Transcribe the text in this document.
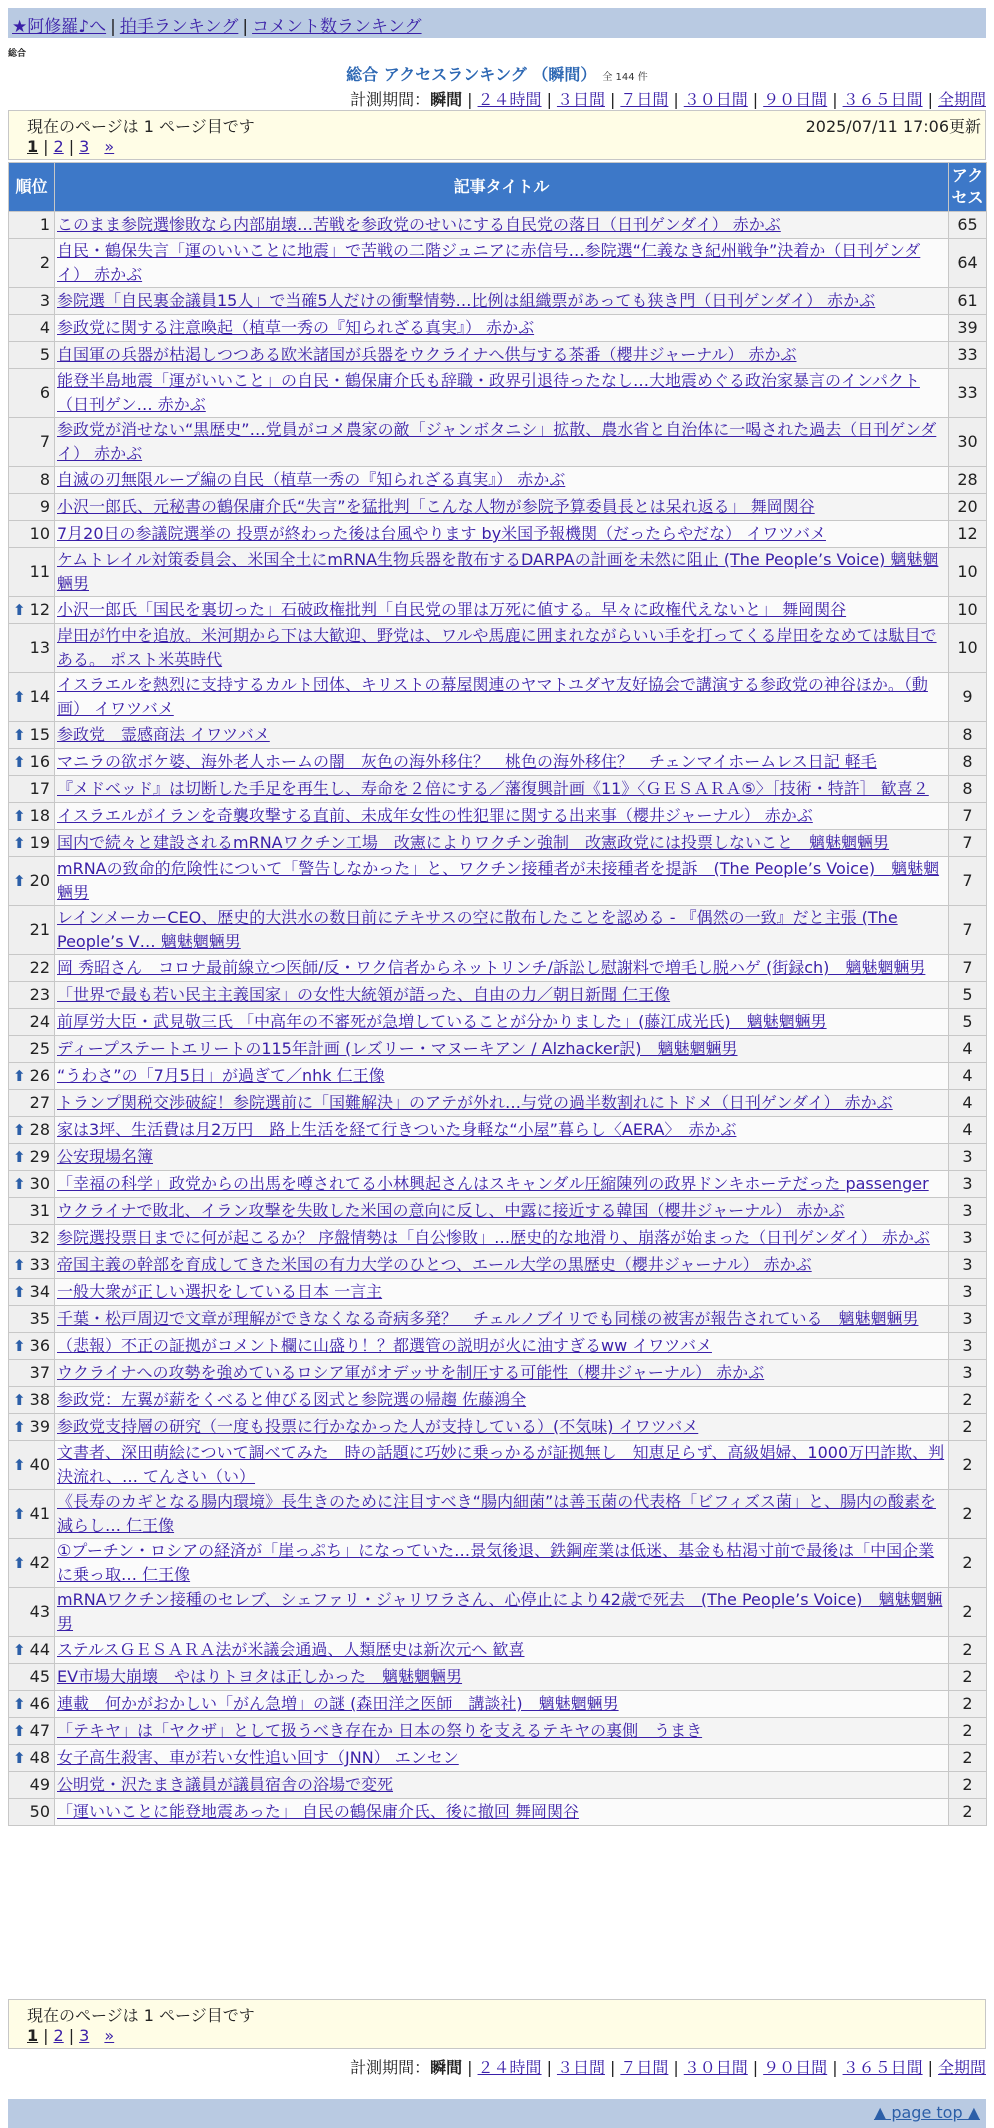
★阿修羅♪へ | 拍手ランキング | コメント数ランキング
総合
総合 アクセスランキング （瞬間） 全 144 件
計測期間：瞬間 | ２４時間 | ３日間 | ７日間 | ３０日間 | ９０日間 | ３６５日間 | 全期間
現在のページは 1 ページ目です	2025/07/11 17:06更新
1 | 2 | 3 »
順位	記事タイトル	アクセス
1	このまま参院選惨敗なら内部崩壊…苦戦を参政党のせいにする自民党の落日（日刊ゲンダイ） 赤かぶ	65
2	自民・鶴保失言「運のいいことに地震」で苦戦の二階ジュニアに赤信号…参院選“仁義なき紀州戦争”決着か（日刊ゲンダイ） 赤かぶ	64
3	参院選「自民裏金議員15人」で当確5人だけの衝撃情勢…比例は組織票があっても狭き門（日刊ゲンダイ） 赤かぶ	61
4	参政党に関する注意喚起（植草一秀の『知られざる真実』） 赤かぶ	39
5	自国軍の兵器が枯渇しつつある欧米諸国が兵器をウクライナへ供与する茶番（櫻井ジャーナル） 赤かぶ	33
6	能登半島地震「運がいいこと」の自民・鶴保庸介氏も辞職・政界引退待ったなし…大地震めぐる政治家暴言のインパクト（日刊ゲン… 赤かぶ	33
7	参政党が消せない“黒歴史”…党員がコメ農家の敵「ジャンボタニシ」拡散、農水省と自治体に一喝された過去（日刊ゲンダイ） 赤かぶ	30
8	自滅の刃無限ループ編の自民（植草一秀の『知られざる真実』） 赤かぶ	28
9	小沢一郎氏、元秘書の鶴保庸介氏“失言”を猛批判「こんな人物が参院予算委員長とは呆れ返る」 舞岡関谷	20
10	7月20日の参議院選挙の 投票が終わった後は台風やります by米国予報機関（だったらやだな） イワツバメ	12
11	ケムトレイル対策委員会、米国全土にmRNA生物兵器を散布するDARPAの計画を未然に阻止 (The People’s Voice) 魑魅魍魎男	10

⬆ 12	小沢一郎氏「国民を裏切った」石破政権批判「自民党の罪は万死に値する。早々に政権代えないと」 舞岡関谷	10
13	岸田が竹中を追放。米河期から下は大歓迎、野党は、ワルや馬鹿に囲まれながらいい手を打ってくる岸田をなめては駄目である。 ポスト米英時代	10

⬆ 14	イスラエルを熱烈に支持するカルト団体、キリストの幕屋関連のヤマトユダヤ友好協会で講演する参政党の神谷ほか。（動画） イワツバメ	9

⬆ 15	参政党　霊感商法 イワツバメ	8

⬆ 16	マニラの欲ボケ婆、海外老人ホームの闇　灰色の海外移住？　桃色の海外移住？　チェンマイホームレス日記 軽毛	8
17	『メドベッド』は切断した手足を再生し、寿命を２倍にする／藩復興計画《11》〈ＧＥＳＡＲＡ⑤〉［技術・特許］ 歓喜２	8

⬆ 18	イスラエルがイランを奇襲攻撃する直前、未成年女性の性犯罪に関する出来事（櫻井ジャーナル） 赤かぶ	7

⬆ 19	国内で続々と建設されるmRNAワクチン工場　改憲によりワクチン強制　改憲政党には投票しないこと　魑魅魍魎男	7

⬆ 20	mRNAの致命的危険性について「警告しなかった」と、ワクチン接種者が未接種者を提訴　(The People’s Voice)　魑魅魍魎男	7
21	レインメーカーCEO、歴史的大洪水の数日前にテキサスの空に散布したことを認める - 『偶然の一致』だと主張 (The People’s V… 魑魅魍魎男	7
22	岡 秀昭さん　コロナ最前線立つ医師/反・ワク信者からネットリンチ/訴訟し慰謝料で増毛し脱ハゲ (街録ch)　魑魅魍魎男	7
23	「世界で最も若い民主主義国家」の女性大統領が語った、自由の力／朝日新聞 仁王像	5
24	前厚労大臣・武見敬三氏 「中高年の不審死が急増していることが分かりました」(藤江成光氏)　魑魅魍魎男	5
25	ディープステートエリートの115年計画 (レズリー・マヌーキアン / Alzhacker訳)　魑魅魍魎男	4

⬆ 26	“うわさ”の「7月5日」が過ぎて／nhk 仁王像	4
27	トランプ関税交渉破綻！参院選前に「国難解決」のアテが外れ…与党の過半数割れにトドメ（日刊ゲンダイ） 赤かぶ	4

⬆ 28	家は3坪、生活費は月2万円　路上生活を経て行きついた身軽な“小屋”暮らし〈AERA〉　赤かぶ	4

⬆ 29	公安現場名簿	3

⬆ 30	「幸福の科学」政党からの出馬を噂されてる小林興起さんはスキャンダル圧縮陳列の政界ドンキホーテだった passenger	3
31	ウクライナで敗北、イラン攻撃を失敗した米国の意向に反し、中露に接近する韓国（櫻井ジャーナル） 赤かぶ	3
32	参院選投票日までに何が起こるか？ 序盤情勢は「自公惨敗」…歴史的な地滑り、崩落が始まった（日刊ゲンダイ） 赤かぶ	3

⬆ 33	帝国主義の幹部を育成してきた米国の有力大学のひとつ、エール大学の黒歴史（櫻井ジャーナル） 赤かぶ	3

⬆ 34	一般大衆が正しい選択をしている日本 一言主	3
35	千葉・松戸周辺で文章が理解ができなくなる奇病多発？　チェルノブイリでも同様の被害が報告されている　魑魅魍魎男	3

⬆ 36	（悲報）不正の証拠がコメント欄に山盛り！？都選管の説明が火に油すぎるww イワツバメ	3
37	ウクライナへの攻勢を強めているロシア軍がオデッサを制圧する可能性（櫻井ジャーナル） 赤かぶ	3

⬆ 38	参政党：左翼が薪をくべると伸びる図式と参院選の帰趨 佐藤鴻全	2

⬆ 39	参政党支持層の研究（一度も投票に行かなかった人が支持している）(不気味) イワツバメ	2

⬆ 40	文書者、深田萌絵について調べてみた　時の話題に巧妙に乗っかるが証拠無し　知恵足らず、高級娼婦、1000万円詐欺、判決流れ、… てんさい（い）	2

⬆ 41	《長寿のカギとなる腸内環境》長生きのために注目すべき“腸内細菌”は善玉菌の代表格「ビフィズス菌」と、腸内の酸素を減らし… 仁王像	2

⬆ 42	①プーチン・ロシアの経済が「崖っぷち」になっていた…景気後退、鉄鋼産業は低迷、基金も枯渇寸前で最後は「中国企業に乗っ取… 仁王像	2
43	mRNAワクチン接種のセレブ、シェファリ・ジャリワラさん、心停止により42歳で死去　(The People’s Voice)　魑魅魍魎男	2

⬆ 44	ステルスＧＥＳＡＲＡ法が米議会通過、人類歴史は新次元へ 歓喜	2
45	EV市場大崩壊　やはりトヨタは正しかった　魑魅魍魎男	2

⬆ 46	連載　何かがおかしい「がん急増」の謎 (森田洋之医師　講談社)　魑魅魍魎男	2

⬆ 47	「テキヤ」は「ヤクザ」として扱うべき存在か 日本の祭りを支えるテキヤの裏側　うまき	2

⬆ 48	女子高生殺害、車が若い女性追い回す（JNN） エンセン	2
49	公明党・沢たまき議員が議員宿舎の浴場で変死	2
50	「運いいことに能登地震あった」 自民の鶴保庸介氏、後に撤回 舞岡関谷	2
現在のページは 1 ページ目です
1 | 2 | 3 »
計測期間：瞬間 | ２４時間 | ３日間 | ７日間 | ３０日間 | ９０日間 | ３６５日間 | 全期間
▲ page top ▲
